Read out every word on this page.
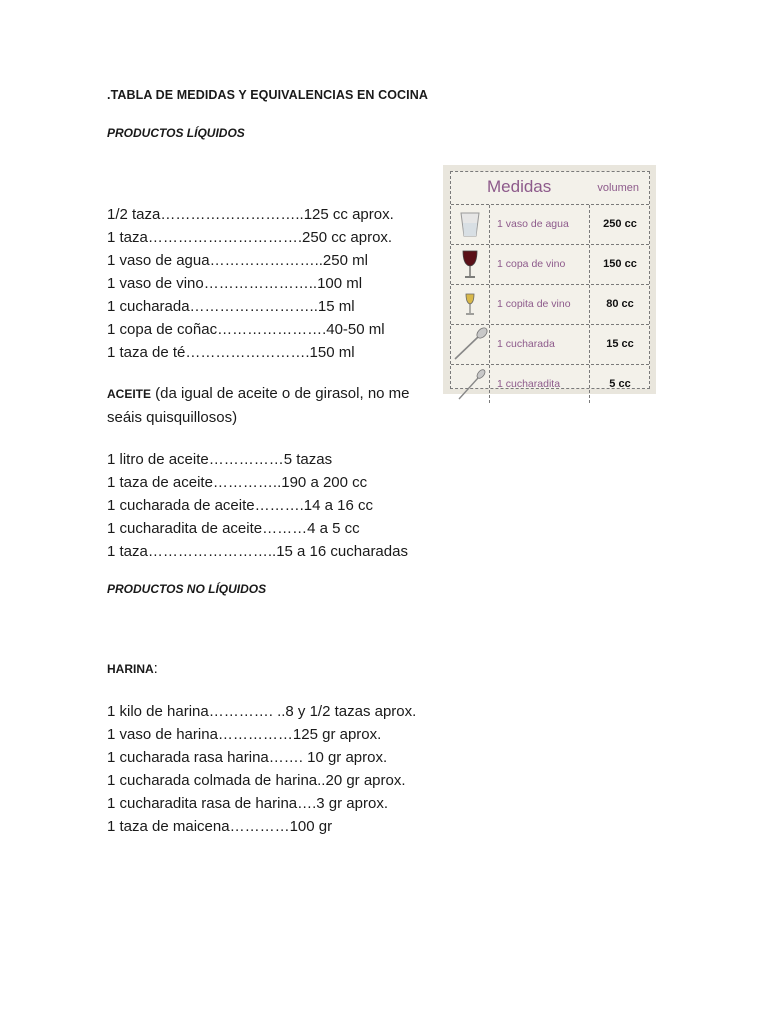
.TABLA DE MEDIDAS Y EQUIVALENCIAS EN COCINA
PRODUCTOS LÍQUIDOS
1/2 taza………………………..125 cc aprox.
1 taza………………………….250 cc aprox.
1 vaso de agua…………………..250 ml
1 vaso de vino…………………..100 ml
1 cucharada……………………..15 ml
1 copa de coñac………………….40-50 ml
1 taza de té…………………….150 ml
ACEITE (da igual de aceite o de girasol, no me seáis quisquillosos)
1 litro de aceite……………5 tazas
1 taza de aceite…………..190 a 200 cc
1 cucharada de aceite……….14 a 16 cc
1 cucharadita de aceite………4 a 5 cc
1 taza……………………..15 a 16 cucharadas
PRODUCTOS NO LÍQUIDOS
HARINA:
1 kilo de harina…………. ..8 y 1/2 tazas aprox.
1 vaso de harina……………125 gr aprox.
1 cucharada rasa harina……. 10 gr aprox.
1 cucharada colmada de harina..20 gr aprox.
1 cucharadita rasa de harina….3 gr aprox.
1 taza de maicena…………100 gr
Medidas	volumen
1 vaso de agua	250 cc
1 copa de vino	150 cc
1 copita de vino	80 cc
1 cucharada	15 cc
1 cucharadita	5 cc
